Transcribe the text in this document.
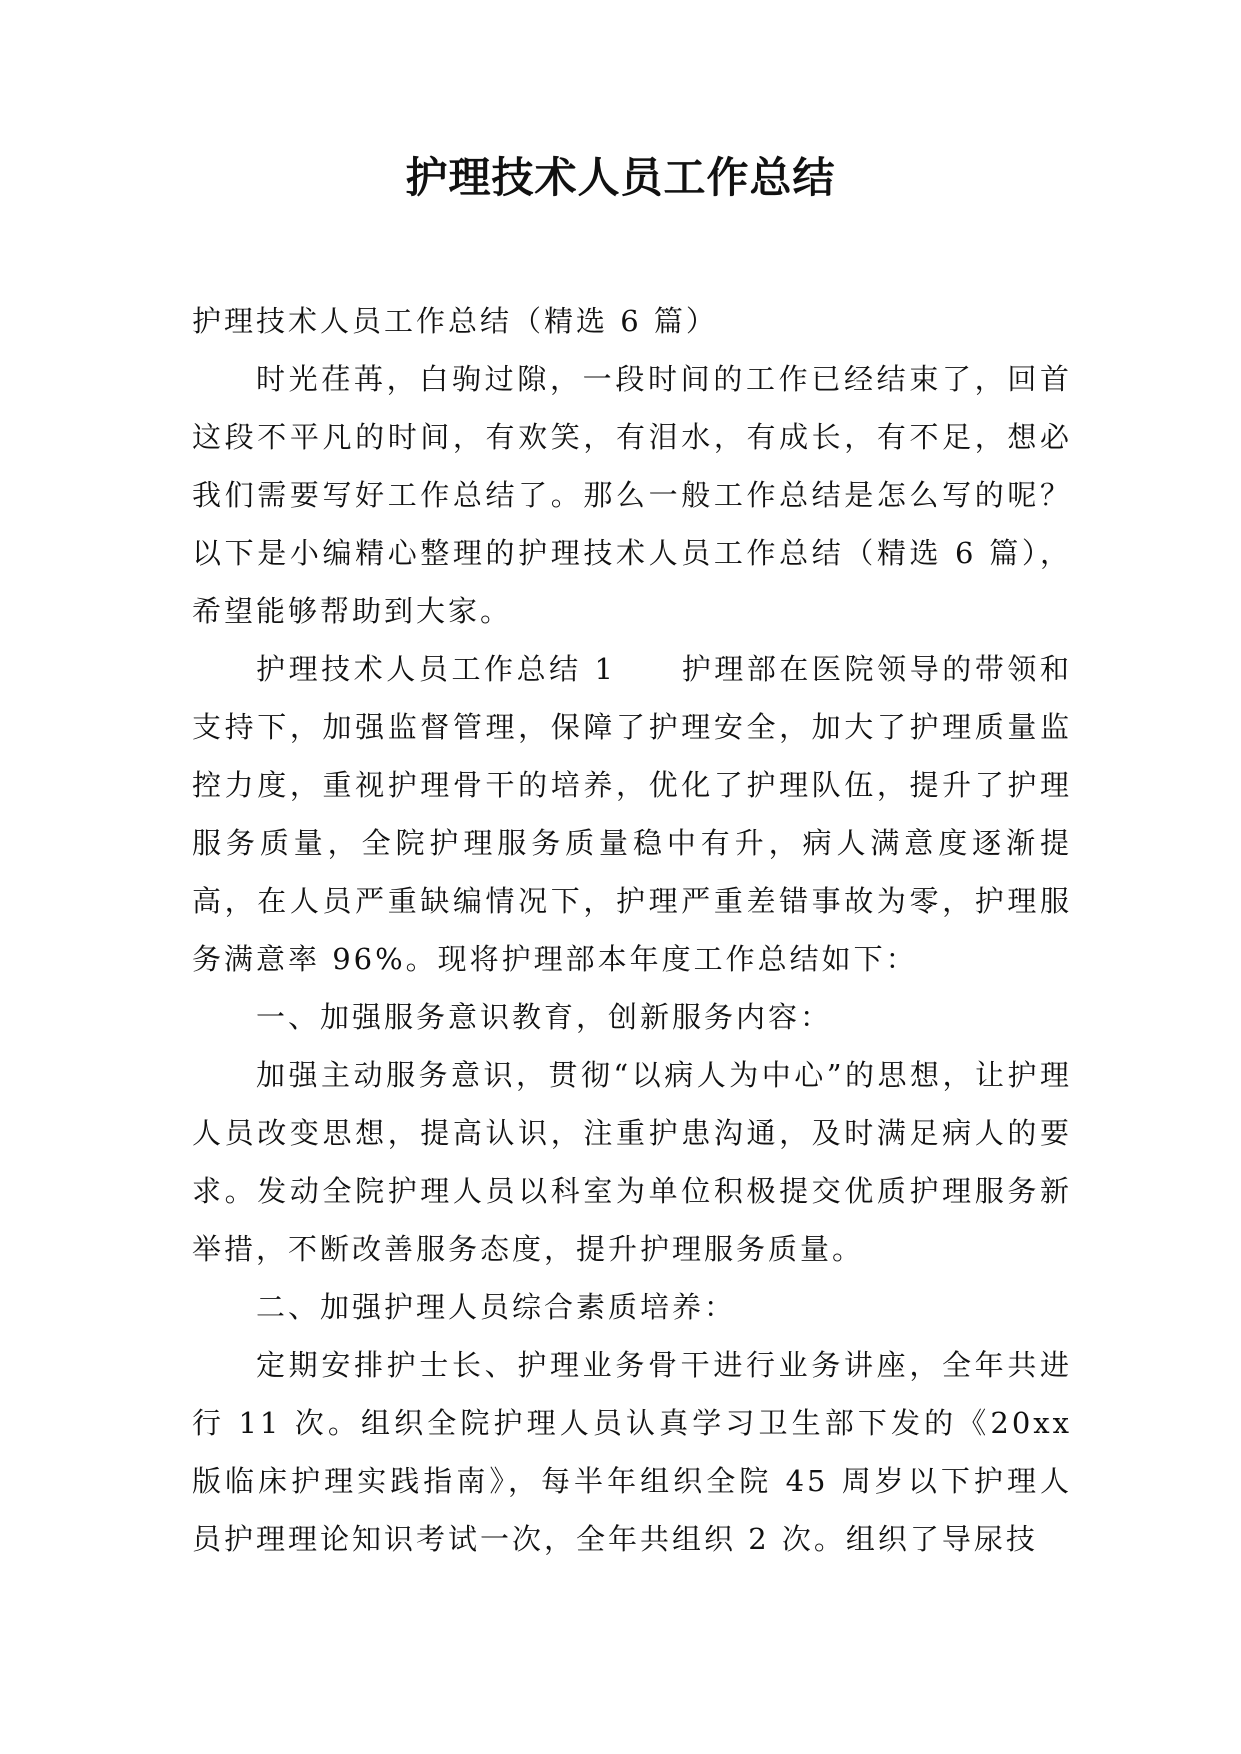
护理技术人员工作总结

护理技术人员工作总结（精选 6 篇）

时光荏苒，白驹过隙，一段时间的工作已经结束了，回首这段不平凡的时间，有欢笑，有泪水，有成长，有不足，想必我们需要写好工作总结了。那么一般工作总结是怎么写的呢？以下是小编精心整理的护理技术人员工作总结（精选 6 篇），希望能够帮助到大家。

护理技术人员工作总结 1　　护理部在医院领导的带领和支持下，加强监督管理，保障了护理安全，加大了护理质量监控力度，重视护理骨干的培养，优化了护理队伍，提升了护理服务质量，全院护理服务质量稳中有升，病人满意度逐渐提高，在人员严重缺编情况下，护理严重差错事故为零，护理服务满意率 96%。现将护理部本年度工作总结如下：

一、加强服务意识教育，创新服务内容：

加强主动服务意识，贯彻“以病人为中心”的思想，让护理人员改变思想，提高认识，注重护患沟通，及时满足病人的要求。发动全院护理人员以科室为单位积极提交优质护理服务新举措，不断改善服务态度，提升护理服务质量。

二、加强护理人员综合素质培养：

定期安排护士长、护理业务骨干进行业务讲座，全年共进行 11 次。组织全院护理人员认真学习卫生部下发的《20xx 版临床护理实践指南》，每半年组织全院 45 周岁以下护理人员护理理论知识考试一次，全年共组织 2 次。组织了导尿技
